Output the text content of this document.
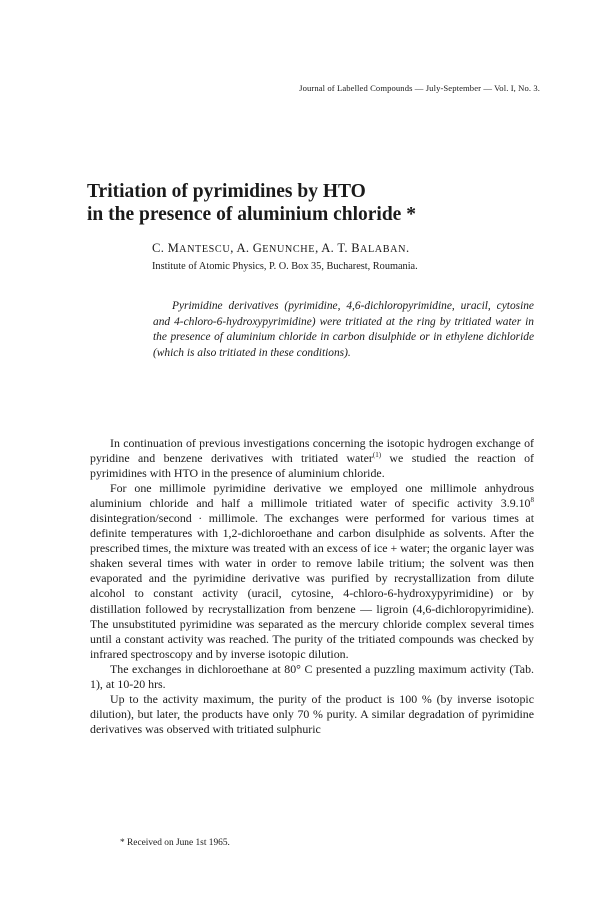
Journal of Labelled Compounds — July-September — Vol. I, No. 3.
Tritiation of pyrimidines by HTO
in the presence of aluminium chloride *
C. MANTESCU, A. GENUNCHE, A. T. BALABAN.
Institute of Atomic Physics, P. O. Box 35, Bucharest, Roumania.

Pyrimidine derivatives (pyrimidine, 4,6-dichloropyrimidine, uracil, cytosine and 4-chloro-6-hydroxypyrimidine) were tritiated at the ring by tritiated water in the presence of aluminium chloride in carbon disulphide or in ethylene dichloride (which is also tritiated in these conditions).

In continuation of previous investigations concerning the isotopic hydrogen exchange of pyridine and benzene derivatives with tritiated water$^{(1)}$ we studied the reaction of pyrimidines with HTO in the presence of aluminium chloride.

For one millimole pyrimidine derivative we employed one millimole anhydrous aluminium chloride and half a millimole tritiated water of specific activity 3.9.10$^8$ disintegration/second · millimole. The exchanges were performed for various times at definite temperatures with 1,2-dichloroethane and carbon disulphide as solvents. After the prescribed times, the mixture was treated with an excess of ice + water; the organic layer was shaken several times with water in order to remove labile tritium; the solvent was then evaporated and the pyrimidine derivative was purified by recrystallization from dilute alcohol to constant activity (uracil, cytosine, 4-chloro-6-hydroxypyrimidine) or by distillation followed by recrystallization from benzene — ligroin (4,6-dichloropyrimidine). The unsubstituted pyrimidine was separated as the mercury chloride complex several times until a constant activity was reached. The purity of the tritiated compounds was checked by infrared spectroscopy and by inverse isotopic dilution.

The exchanges in dichloroethane at 80° C presented a puzzling maximum activity (Tab. 1), at 10-20 hrs.

Up to the activity maximum, the purity of the product is 100 % (by inverse isotopic dilution), but later, the products have only 70 % purity. A similar degradation of pyrimidine derivatives was observed with tritiated sulphuric

* Received on June 1st 1965.
